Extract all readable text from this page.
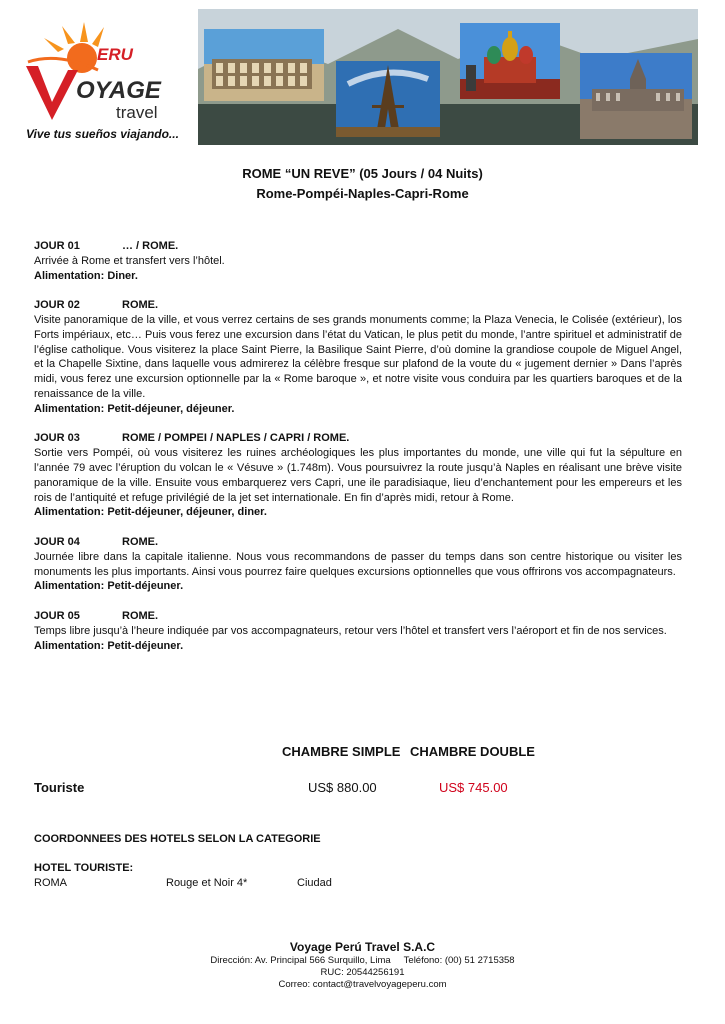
ERU
OYAGE
travel
Vive tus sueños viajando...
ROME “UN REVE” (05 Jours / 04 Nuits)
Rome-Pompéi-Naples-Capri-Rome
JOUR 01	… / ROME.
Arrivée à Rome et transfert vers l’hôtel.
Alimentation: Diner.
JOUR 02	ROME.
Visite panoramique de la ville, et vous verrez certains de ses grands monuments comme; la Plaza Venecia, le Colisée (extérieur), los Forts impériaux, etc… Puis vous ferez une excursion dans l’état du Vatican, le plus petit du monde, l’antre spirituel et administratif de l’église catholique. Vous visiterez la place Saint Pierre, la Basilique Saint Pierre, d’où domine la grandiose coupole de Miguel Angel, et la Chapelle Sixtine, dans laquelle vous admirerez la célèbre fresque sur plafond de la voute du « jugement dernier » Dans l’après midi, vous ferez une excursion optionnelle par la « Rome baroque », et notre visite vous conduira par les quartiers baroques et de la renaissance de la ville.
Alimentation: Petit-déjeuner, déjeuner.
JOUR 03	ROME / POMPEI / NAPLES / CAPRI / ROME.
Sortie vers Pompéi, où vous visiterez les ruines archéologiques les plus importantes du monde, une ville qui fut la sépulture en l’année 79 avec l’éruption du volcan le « Vésuve » (1.748m). Vous poursuivrez la route jusqu’à Naples en réalisant une brève visite panoramique de la ville. Ensuite vous embarquerez vers Capri, une ile paradisiaque, lieu d’enchantement pour les empereurs et les rois de l’antiquité et refuge privilégié de la jet set internationale. En fin d’après midi, retour à Rome.
Alimentation: Petit-déjeuner, déjeuner, diner.
JOUR 04	ROME.
Journée libre dans la capitale italienne. Nous vous recommandons de passer du temps dans son centre historique ou visiter les monuments les plus importants. Ainsi vous pourrez faire quelques excursions optionnelles que vous offrirons vos accompagnateurs.
Alimentation: Petit-déjeuner.
JOUR 05	ROME.
Temps libre jusqu’à l’heure indiquée par vos accompagnateurs, retour vers l’hôtel et transfert vers l’aéroport et fin de nos services.
Alimentation: Petit-déjeuner.
CHAMBRE SIMPLE CHAMBRE DOUBLE
Touriste	US$ 880.00	US$ 745.00
COORDONNEES DES HOTELS SELON LA CATEGORIE
HOTEL TOURISTE:
ROMA	Rouge et Noir 4*	Ciudad
Voyage Perú Travel S.A.C
Dirección: Av. Principal 566 Surquillo, Lima     Teléfono: (00) 51 2715358
RUC: 20544256191
Correo: contact@travelvoyageperu.com
